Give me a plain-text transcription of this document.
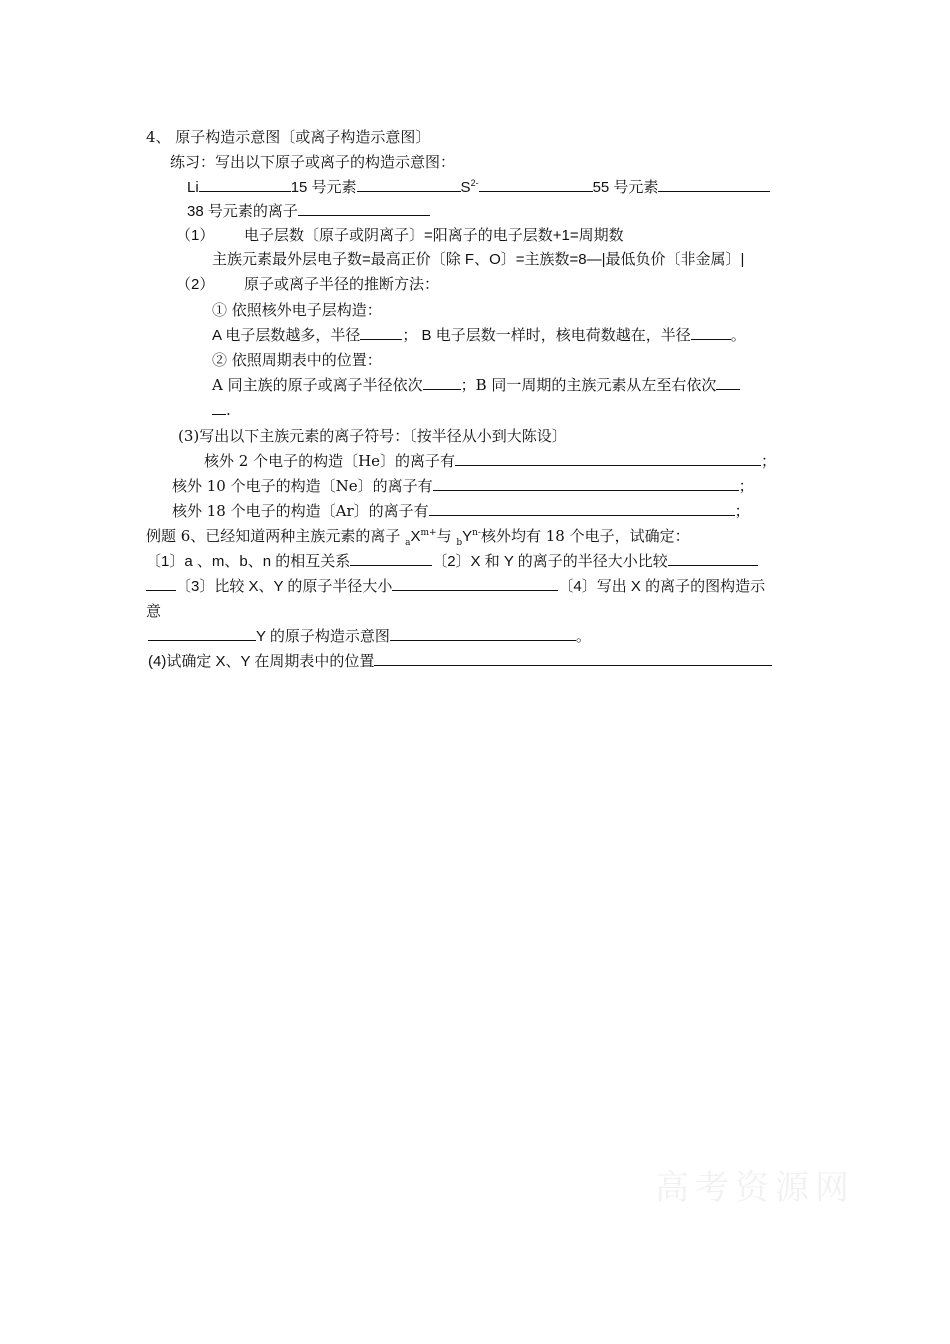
4、 原子构造示意图〔或离子构造示意图〕
练习：写出以下原子或离子的构造示意图：
Li	15 号元素	$S^{2-}$	55 号元素
38 号元素的离子
（1） 电子层数〔原子或阴离子〕=阳离子的电子层数+1=周期数
主族元素最外层电子数=最高正价〔除 F、O〕=主族数=8—|最低负价〔非金属〕|
（2） 原子或离子半径的推断方法：
① 依照核外电子层构造：
A 电子层数越多，半径	； B 电子层数一样时，核电荷数越在，半径	。
② 依照周期表中的位置：
A 同主族的原子或离子半径依次	；B 同一周期的主族元素从左至右依次
.
(3)写出以下主族元素的离子符号：〔按半径从小到大陈设〕
核外 2 个电子的构造〔He〕的离子有	；
核外 10 个电子的构造〔Ne〕的离子有	；
核外 18 个电子的构造〔Ar〕的离子有	；
例题 6、已经知道两种主族元素的离子 $_aX^{m+}$与 $_bY^{n-}$核外均有 18 个电子，试确定：
〔1〕a 、m、b、n 的相互关系	〔2〕X 和 Y 的离子的半径大小比较
〔3〕比较 X、Y 的原子半径大小	〔4〕写出 X 的离子的图构造示
意
Y 的原子构造示意图	。
(4)试确定 X、Y 在周期表中的位置
高考资源网
